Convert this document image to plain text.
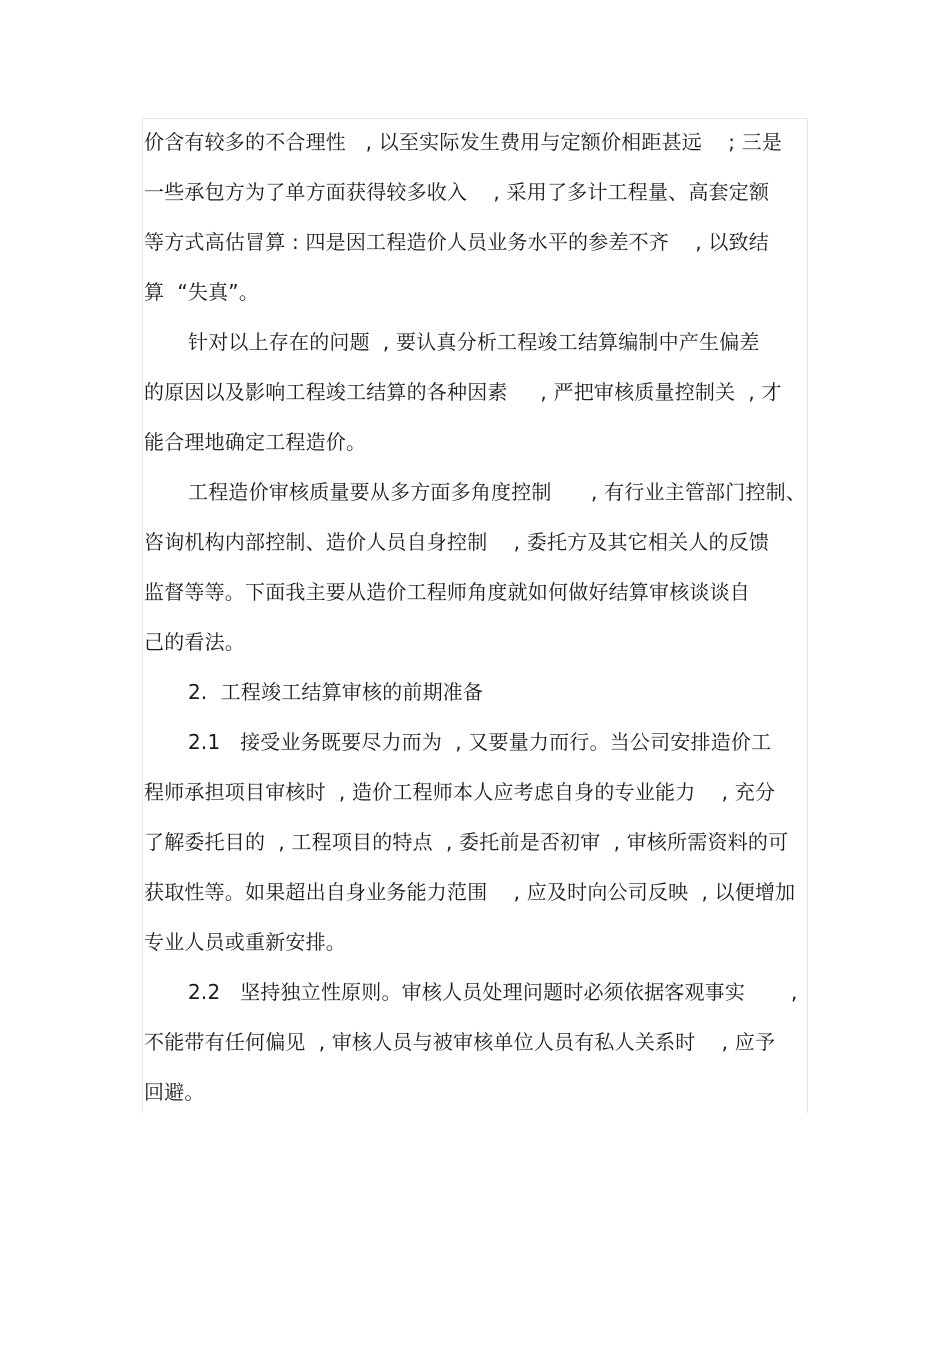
价含有较多的不合理性   , 以至实际发生费用与定额价相距甚远    ; 三是

一些承包方为了单方面获得较多收入    , 采用了多计工程量、高套定额

等方式高估冒算 : 四是因工程造价人员业务水平的参差不齐    , 以致结

算  “失真”。

针对以上存在的问题  , 要认真分析工程竣工结算编制中产生偏差

的原因以及影响工程竣工结算的各种因素     , 严把审核质量控制关  , 才

能合理地确定工程造价。

工程造价审核质量要从多方面多角度控制      , 有行业主管部门控制、

咨询机构内部控制、造价人员自身控制    , 委托方及其它相关人的反馈

监督等等。下面我主要从造价工程师角度就如何做好结算审核谈谈自

己的看法。

2.  工程竣工结算审核的前期准备

2.1   接受业务既要尽力而为  , 又要量力而行。当公司安排造价工

程师承担项目审核时  , 造价工程师本人应考虑自身的专业能力    , 充分

了解委托目的  , 工程项目的特点  , 委托前是否初审  , 审核所需资料的可

获取性等。如果超出自身业务能力范围    , 应及时向公司反映  , 以便增加

专业人员或重新安排。

2.2   坚持独立性原则。审核人员处理问题时必须依据客观事实       ,

不能带有任何偏见  , 审核人员与被审核单位人员有私人关系时    , 应予

回避。
